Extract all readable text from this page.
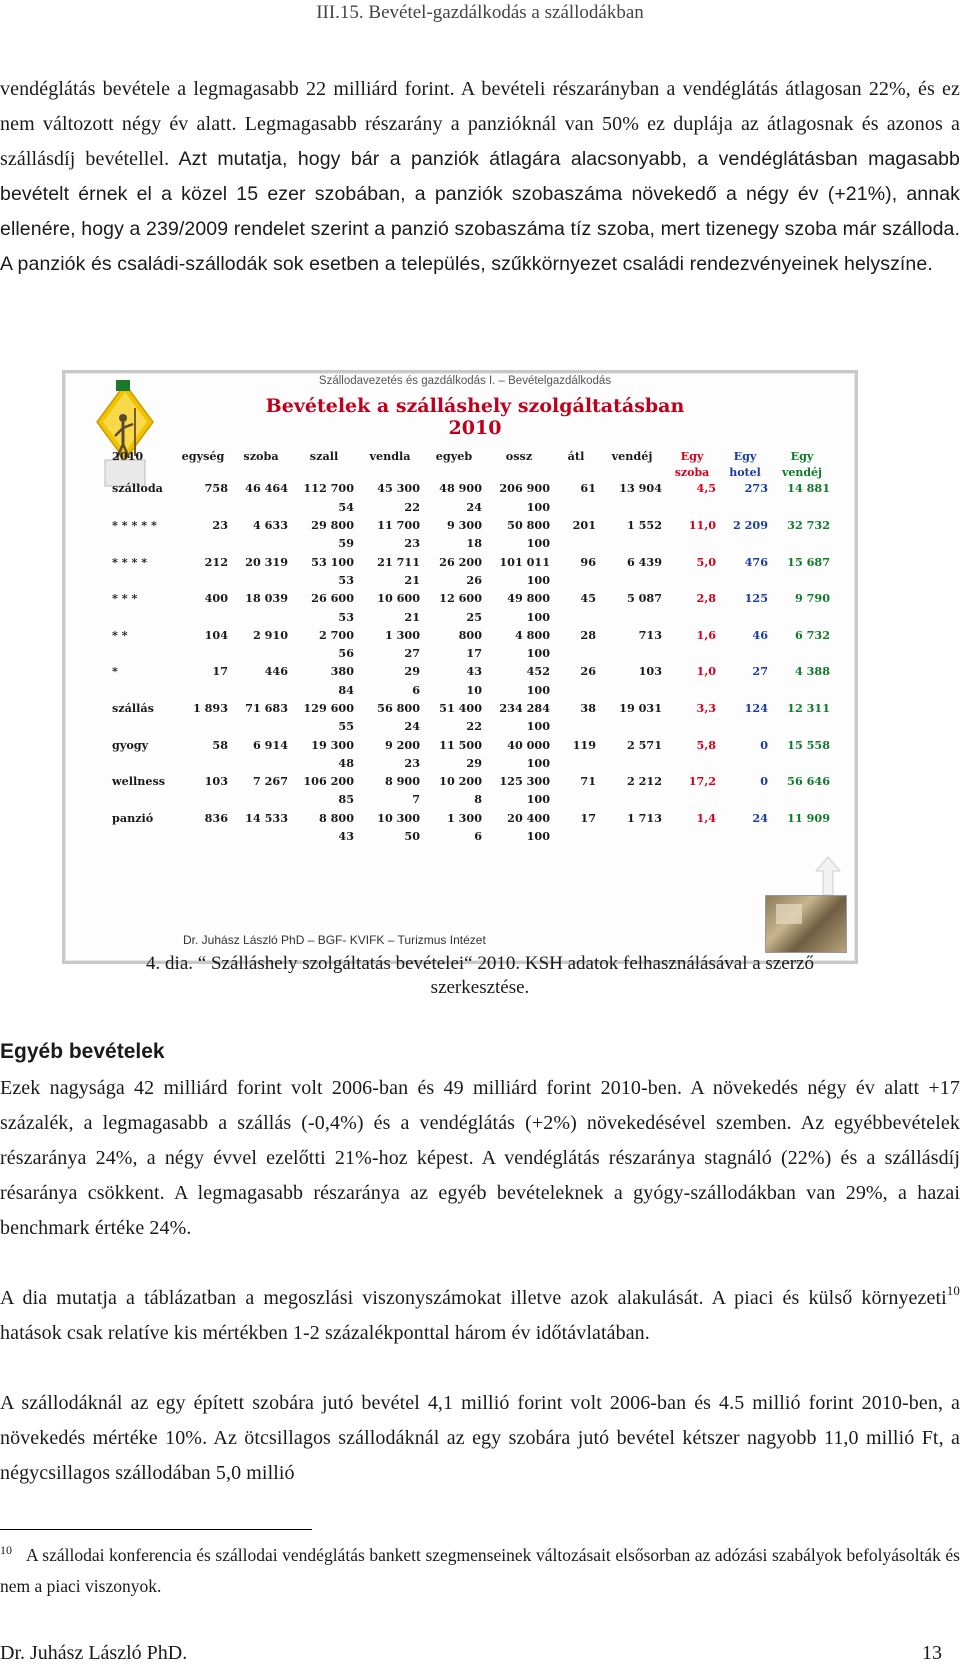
III.15. Bevétel-gazdálkodás a szállodákban

vendéglátás bevétele a legmagasabb 22 milliárd forint. A bevételi részarányban a vendéglátás átlagosan 22%, és ez nem változott négy év alatt. Legmagasabb részarány a panzióknál van 50% ez duplája az átlagosnak és azonos a szállásdíj bevétellel. Azt mutatja, hogy bár a panziók átlagára alacsonyabb, a vendéglátásban magasabb bevételt érnek el a közel 15 ezer szobában, a panziók szobaszáma növekedő a négy év (+21%), annak ellenére, hogy a 239/2009 rendelet szerint a panzió szobaszáma tíz szoba, mert tizenegy szoba már szálloda. A panziók és családi-szállodák sok esetben a település, szűkkörnyezet családi rendezvényeinek helyszíne.

Szállodavezetés és gazdálkodás I. – Bevételgazdálkodás
Bevételek a szálláshely szolgáltatásban 2010
2010	egység	szoba	szall	vendla	egyeb	ossz	átl	vendéj	Egy	Egy	Egy
									szoba	hotel	vendéj
szálloda	758	46 464	112 700	45 300	48 900	206 900	61	13 904	4,5	273	14 881
			54	22	24	100					
* * * * *	23	4 633	29 800	11 700	9 300	50 800	201	1 552	11,0	2 209	32 732
			59	23	18	100					
* * * *	212	20 319	53 100	21 711	26 200	101 011	96	6 439	5,0	476	15 687
			53	21	26	100					
* * *	400	18 039	26 600	10 600	12 600	49 800	45	5 087	2,8	125	9 790
			53	21	25	100					
* *	104	2 910	2 700	1 300	800	4 800	28	713	1,6	46	6 732
			56	27	17	100					
*	17	446	380	29	43	452	26	103	1,0	27	4 388
			84	6	10	100					
szállás	1 893	71 683	129 600	56 800	51 400	234 284	38	19 031	3,3	124	12 311
			55	24	22	100					
gyogy	58	6 914	19 300	9 200	11 500	40 000	119	2 571	5,8	0	15 558
			48	23	29	100					
wellness	103	7 267	106 200	8 900	10 200	125 300	71	2 212	17,2	0	56 646
			85	7	8	100					
panzió	836	14 533	8 800	10 300	1 300	20 400	17	1 713	1,4	24	11 909
			43	50	6	100					
Dr. Juhász László PhD – BGF- KVIFK – Turizmus Intézet
4. dia. “ Szálláshely szolgáltatás bevételei“ 2010. KSH adatok felhasználásával a szerző
szerkesztése.
Egyéb bevételek

Ezek nagysága 42 milliárd forint volt 2006-ban és 49 milliárd forint 2010-ben. A növekedés négy év alatt +17 százalék, a legmagasabb a szállás (-0,4%) és a vendéglátás (+2%) növekedésével szemben. Az egyébbevételek részaránya 24%, a négy évvel ezelőtti 21%-hoz képest. A vendéglátás részaránya stagnáló (22%) és a szállásdíj résaránya csökkent. A legmagasabb részaránya az egyéb bevételeknek a gyógy-szállodákban van 29%, a hazai benchmark értéke 24%.

A dia mutatja a táblázatban a megoszlási viszonyszámokat illetve azok alakulását. A piaci és külső környezeti$^{10}$ hatások csak relatíve kis mértékben 1-2 százalékponttal három év időtávlatában.

A szállodáknál az egy épített szobára jutó bevétel 4,1 millió forint volt 2006-ban és 4.5 millió forint 2010-ben, a növekedés mértéke 10%. Az ötcsillagos szállodáknál az egy szobára jutó bevétel kétszer nagyobb 11,0 millió Ft, a négycsillagos szállodában 5,0 millió

$^{10}$ A szállodai konferencia és szállodai vendéglátás bankett szegmenseinek változásait elsősorban az adózási szabályok befolyásolták és nem a piaci viszonyok.

Dr. Juhász László PhD.	13
